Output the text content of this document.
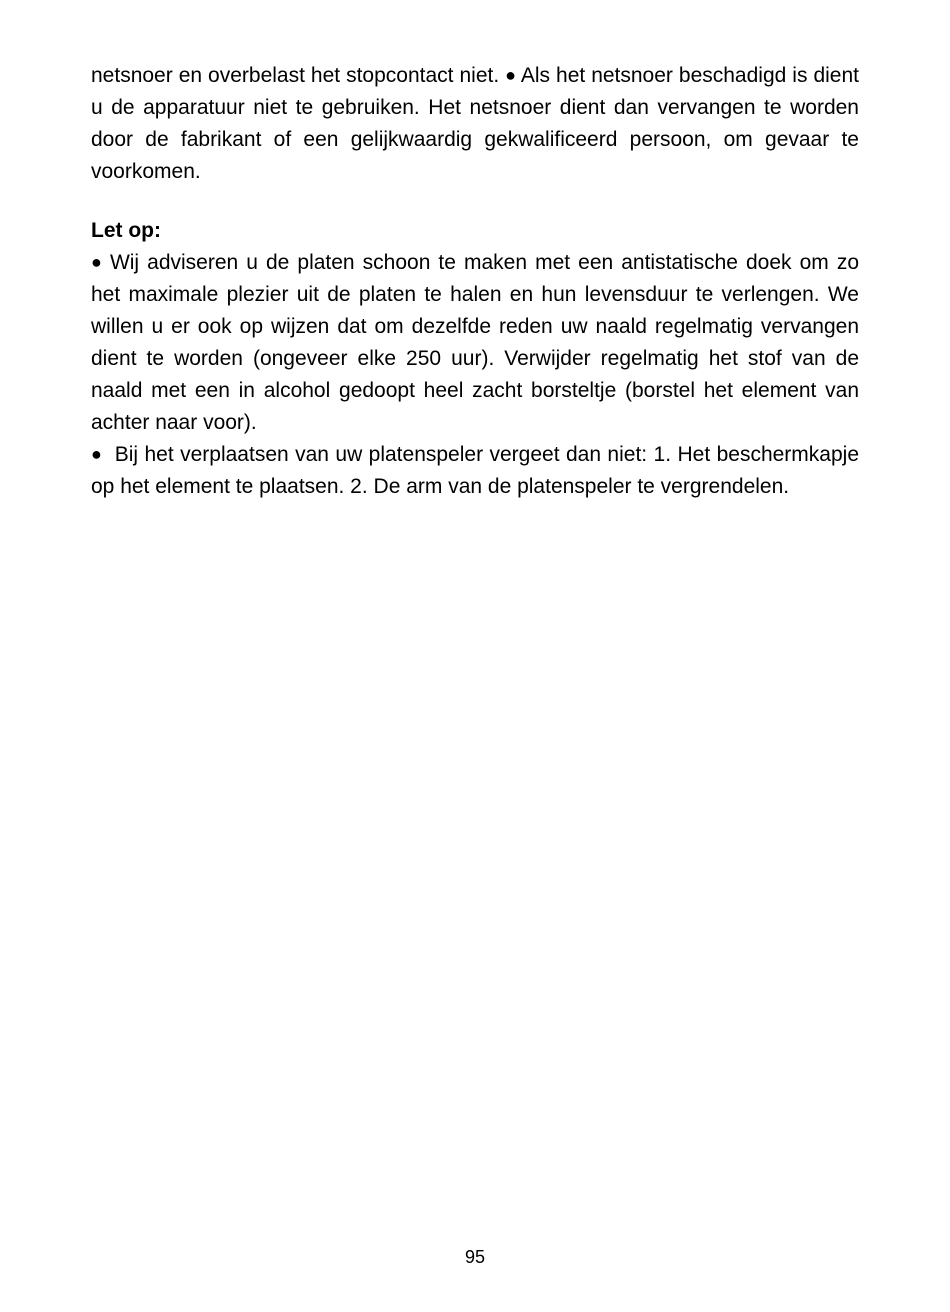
netsnoer en overbelast het stopcontact niet. ● Als het netsnoer beschadigd is dient u de apparatuur niet te gebruiken. Het netsnoer dient dan vervangen te worden door de fabrikant of een gelijkwaardig gekwalificeerd persoon, om gevaar te voorkomen.

Let op:

● Wij adviseren u de platen schoon te maken met een antistatische doek om zo het maximale plezier uit de platen te halen en hun levensduur te verlengen. We willen u er ook op wijzen dat om dezelfde reden uw naald regelmatig vervangen dient te worden (ongeveer elke 250 uur). Verwijder regelmatig het stof van de naald met een in alcohol gedoopt heel zacht borsteltje (borstel het element van achter naar voor).

● Bij het verplaatsen van uw platenspeler vergeet dan niet: 1. Het beschermkapje op het element te plaatsen. 2. De arm van de platenspeler te vergrendelen.

95
